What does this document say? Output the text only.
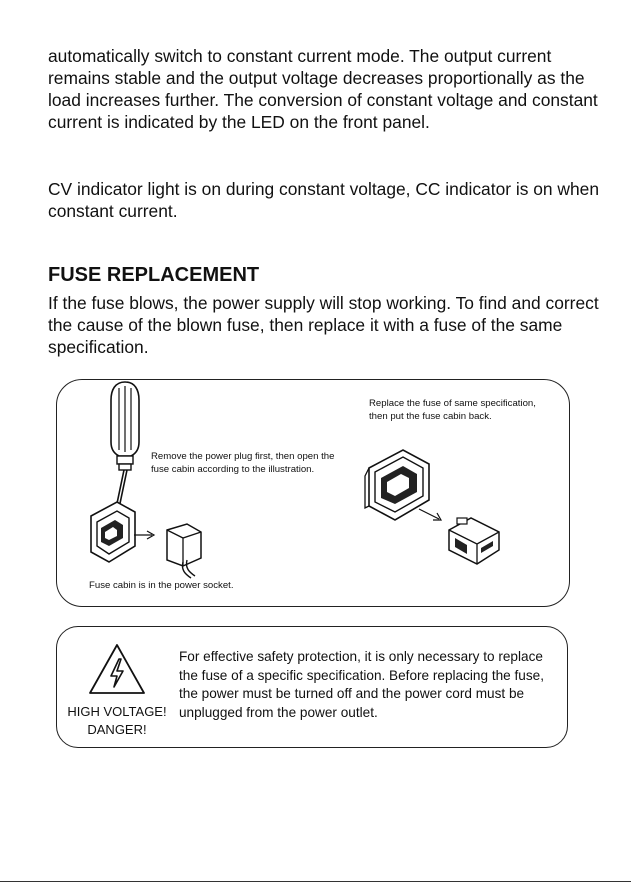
automatically switch to constant current mode. The output current remains stable and the output voltage decreases proportionally as the load increases further. The conversion of constant voltage and constant current is indicated by the LED on the front panel.

CV indicator light is on during constant voltage, CC indicator is on when constant current.

FUSE REPLACEMENT

If the fuse blows, the power supply will stop working. To find and correct the cause of the blown fuse, then replace it with a fuse of the same specification.

Remove the power plug first, then open the fuse cabin according to the illustration.

Fuse cabin is in the power socket.

Replace the fuse of same specification, then put the fuse cabin back.

HIGH VOLTAGE!
DANGER!

For effective safety protection, it is only necessary to replace the fuse of a specific specification. Before replacing the fuse, the power must be turned off and the power cord must be unplugged from the power outlet.
